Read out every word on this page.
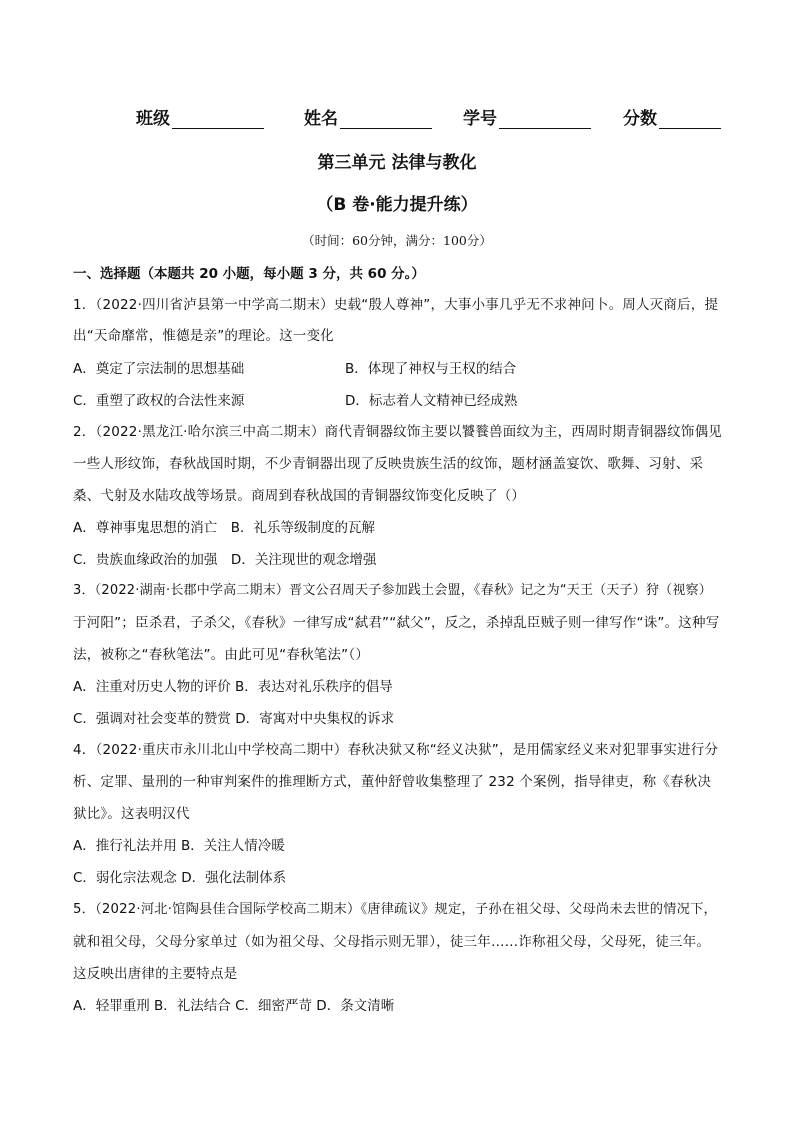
班级	姓名	学号	分数
第三单元 法律与教化
（B 卷·能力提升练）
（时间：60分钟，满分：100分）
一、选择题（本题共 20 小题，每小题 3 分，共 60 分。）
1．（2022·四川省泸县第一中学高二期末）史载“殷人尊神”，大事小事几乎无不求神问卜。周人灭商后，提
出“天命靡常，惟德是亲”的理论。这一变化
A．奠定了宗法制的思想基础	B．体现了神权与王权的结合
C．重塑了政权的合法性来源	D．标志着人文精神已经成熟
2．（2022·黑龙江·哈尔滨三中高二期末）商代青铜器纹饰主要以饕餮兽面纹为主，西周时期青铜器纹饰偶见
一些人形纹饰，春秋战国时期，不少青铜器出现了反映贵族生活的纹饰，题材涵盖宴饮、歌舞、习射、采
桑、弋射及水陆攻战等场景。商周到春秋战国的青铜器纹饰变化反映了（）
A．尊神事鬼思想的消亡　B．礼乐等级制度的瓦解
C．贵族血缘政治的加强　D．关注现世的观念增强
3．（2022·湖南·长郡中学高二期末）晋文公召周天子参加践土会盟，《春秋》记之为“天王（天子）狩（视察）
于河阳”；臣杀君，子杀父，《春秋》一律写成“弑君”“弑父”，反之，杀掉乱臣贼子则一律写作“诛”。这种写
法，被称之“春秋笔法”。由此可见“春秋笔法”（）
A．注重对历史人物的评价 B．表达对礼乐秩序的倡导
C．强调对社会变革的赞赏 D．寄寓对中央集权的诉求
4．（2022·重庆市永川北山中学校高二期中）春秋决狱又称“经义决狱”，是用儒家经义来对犯罪事实进行分
析、定罪、量刑的一种审判案件的推理断方式，董仲舒曾收集整理了 232 个案例，指导律吏，称《春秋决
狱比》。这表明汉代
A．推行礼法并用 B．关注人情冷暖
C．弱化宗法观念 D．强化法制体系
5．（2022·河北·馆陶县佳合国际学校高二期末）《唐律疏议》规定，子孙在祖父母、父母尚未去世的情况下，
就和祖父母，父母分家单过（如为祖父母、父母指示则无罪），徒三年……诈称祖父母，父母死，徒三年。
这反映出唐律的主要特点是
A．轻罪重刑 B．礼法结合 C．细密严苛 D．条文清晰
